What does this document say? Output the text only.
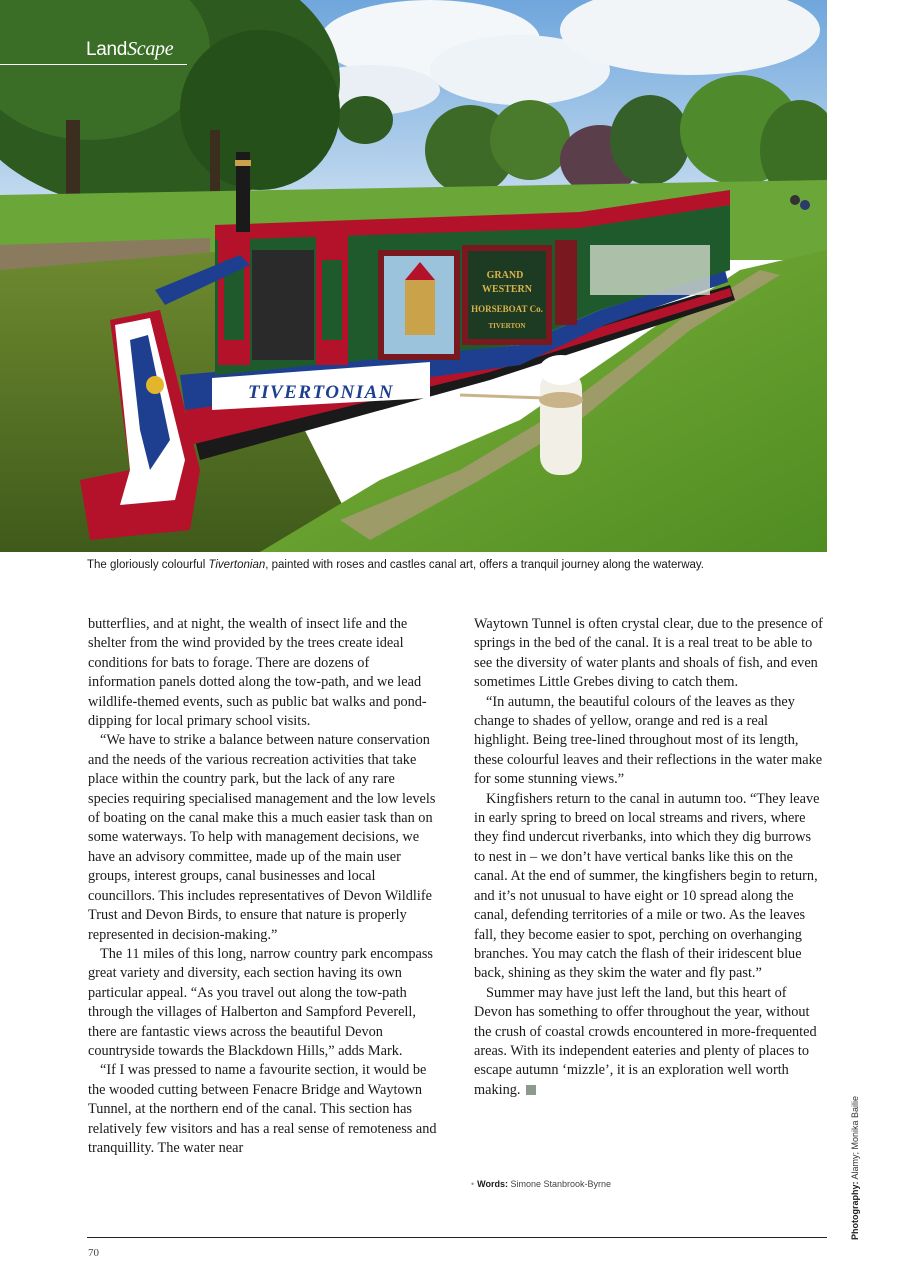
TIVERTONIAN
GRAND
WESTERN
HORSEBOAT Co.
TIVERTON
LandScape
The gloriously colourful Tivertonian, painted with roses and castles canal art, offers a tranquil journey along the waterway.

butterflies, and at night, the wealth of insect life and the shelter from the wind provided by the trees create ideal conditions for bats to forage. There are dozens of information panels dotted along the tow-path, and we lead wildlife-themed events, such as public bat walks and pond-dipping for local primary school visits.

“We have to strike a balance between nature conservation and the needs of the various recreation activities that take place within the country park, but the lack of any rare species requiring specialised management and the low levels of boating on the canal make this a much easier task than on some waterways. To help with management decisions, we have an advisory committee, made up of the main user groups, interest groups, canal businesses and local councillors. This includes representatives of Devon Wildlife Trust and Devon Birds, to ensure that nature is properly represented in decision-making.”

The 11 miles of this long, narrow country park encompass great variety and diversity, each section having its own particular appeal. “As you travel out along the tow-path through the villages of Halberton and Sampford Peverell, there are fantastic views across the beautiful Devon countryside towards the Blackdown Hills,” adds Mark.

“If I was pressed to name a favourite section, it would be the wooded cutting between Fenacre Bridge and Waytown Tunnel, at the northern end of the canal. This section has relatively few visitors and has a real sense of remoteness and tranquillity. The water near

Waytown Tunnel is often crystal clear, due to the presence of springs in the bed of the canal. It is a real treat to be able to see the diversity of water plants and shoals of fish, and even sometimes Little Grebes diving to catch them.

“In autumn, the beautiful colours of the leaves as they change to shades of yellow, orange and red is a real highlight. Being tree-lined throughout most of its length, these colourful leaves and their reflections in the water make for some stunning views.”

Kingfishers return to the canal in autumn too. “They leave in early spring to breed on local streams and rivers, where they find undercut riverbanks, into which they dig burrows to nest in – we don’t have vertical banks like this on the canal. At the end of summer, the kingfishers begin to return, and it’s not unusual to have eight or 10 spread along the canal, defending territories of a mile or two. As the leaves fall, they become easier to spot, perching on overhanging branches. You may catch the flash of their iridescent blue back, shining as they skim the water and fly past.”

Summer may have just left the land, but this heart of Devon has something to offer throughout the year, without the crush of coastal crowds encountered in more-frequented areas. With its independent eateries and plenty of places to escape autumn ‘mizzle’, it is an exploration well worth making.

• Words: Simone Stanbrook-Byrne	Photography: Alamy; Monika Bailie
70
